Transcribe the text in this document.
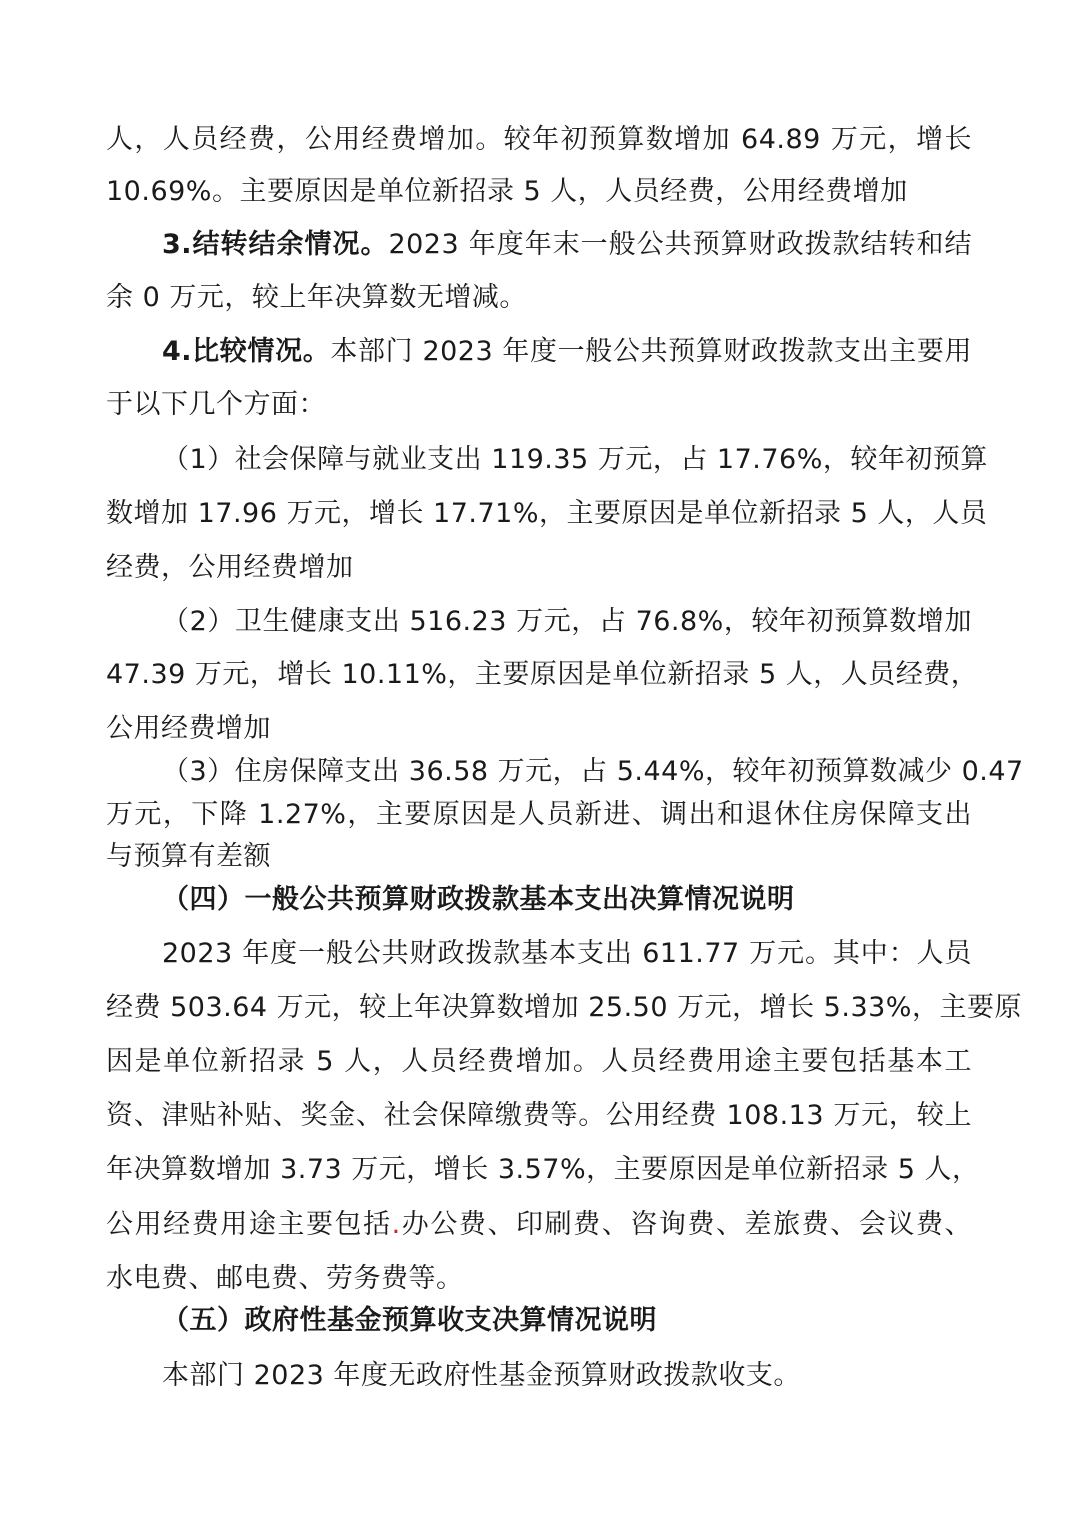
人，人员经费，公用经费增加。较年初预算数增加 64.89 万元，增长
10.69%。主要原因是单位新招录 5 人，人员经费，公用经费增加
3.结转结余情况。2023 年度年末一般公共预算财政拨款结转和结
余 0 万元，较上年决算数无增减。
4.比较情况。本部门 2023 年度一般公共预算财政拨款支出主要用
于以下几个方面：
（1）社会保障与就业支出 119.35 万元，占 17.76%，较年初预算
数增加 17.96 万元，增长 17.71%，主要原因是单位新招录 5 人，人员
经费，公用经费增加
（2）卫生健康支出 516.23 万元，占 76.8%，较年初预算数增加
47.39 万元，增长 10.11%，主要原因是单位新招录 5 人，人员经费，
公用经费增加
（3）住房保障支出 36.58 万元，占 5.44%，较年初预算数减少 0.47
万元，下降 1.27%，主要原因是人员新进、调出和退休住房保障支出
与预算有差额
（四）一般公共预算财政拨款基本支出决算情况说明
2023 年度一般公共财政拨款基本支出 611.77 万元。其中：人员
经费 503.64 万元，较上年决算数增加 25.50 万元，增长 5.33%，主要原
因是单位新招录 5 人，人员经费增加。人员经费用途主要包括基本工
资、津贴补贴、奖金、社会保障缴费等。公用经费 108.13 万元，较上
年决算数增加 3.73 万元，增长 3.57%，主要原因是单位新招录 5 人，
公用经费用途主要包括.办公费、印刷费、咨询费、差旅费、会议费、
水电费、邮电费、劳务费等。
（五）政府性基金预算收支决算情况说明
本部门 2023 年度无政府性基金预算财政拨款收支。
